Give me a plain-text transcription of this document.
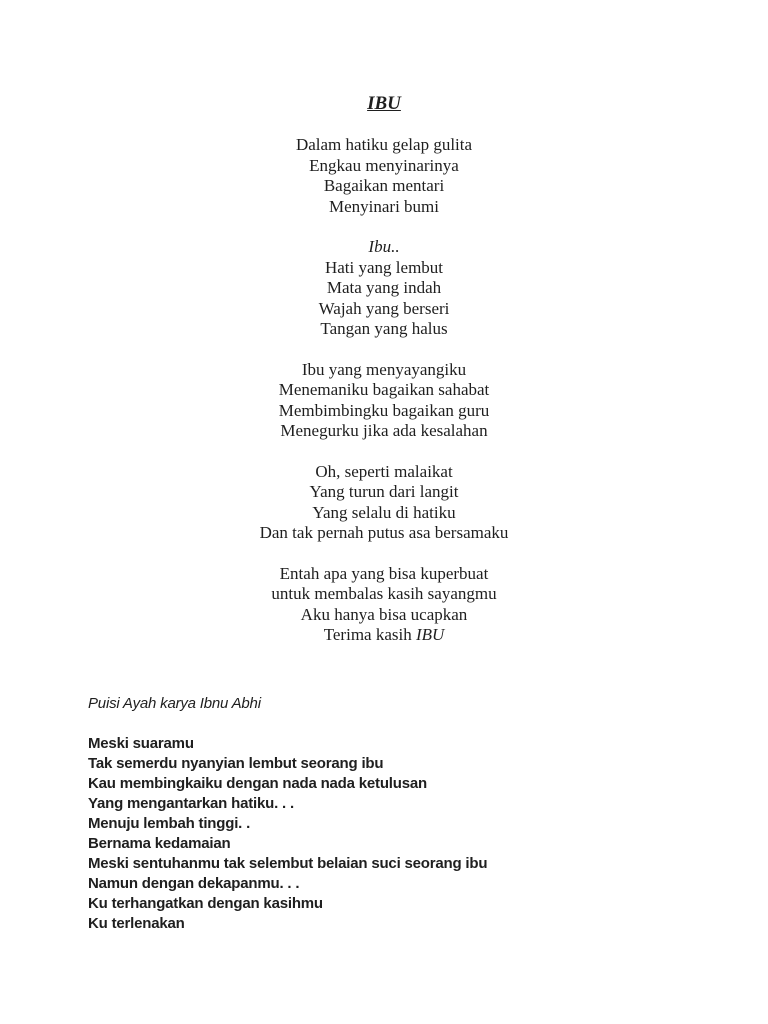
IBU
Dalam hatiku gelap gulita
Engkau menyinarinya
Bagaikan mentari
Menyinari bumi
Ibu..
Hati yang lembut
Mata yang indah
Wajah yang berseri
Tangan yang halus
Ibu yang menyayangiku
Menemaniku bagaikan sahabat
Membimbingku bagaikan guru
Menegurku jika ada kesalahan
Oh, seperti malaikat
Yang turun dari langit
Yang selalu di hatiku
Dan tak pernah putus asa bersamaku
Entah apa yang bisa kuperbuat
untuk membalas kasih sayangmu
Aku hanya bisa ucapkan
Terima kasih IBU
Puisi Ayah karya Ibnu Abhi
Meski suaramu
Tak semerdu nyanyian lembut seorang ibu
Kau membingkaiku dengan nada nada ketulusan
Yang mengantarkan hatiku. . .
Menuju lembah tinggi. .
Bernama kedamaian
Meski sentuhanmu tak selembut belaian suci seorang ibu
Namun dengan dekapanmu. . .
Ku terhangatkan dengan kasihmu
Ku terlenakan
